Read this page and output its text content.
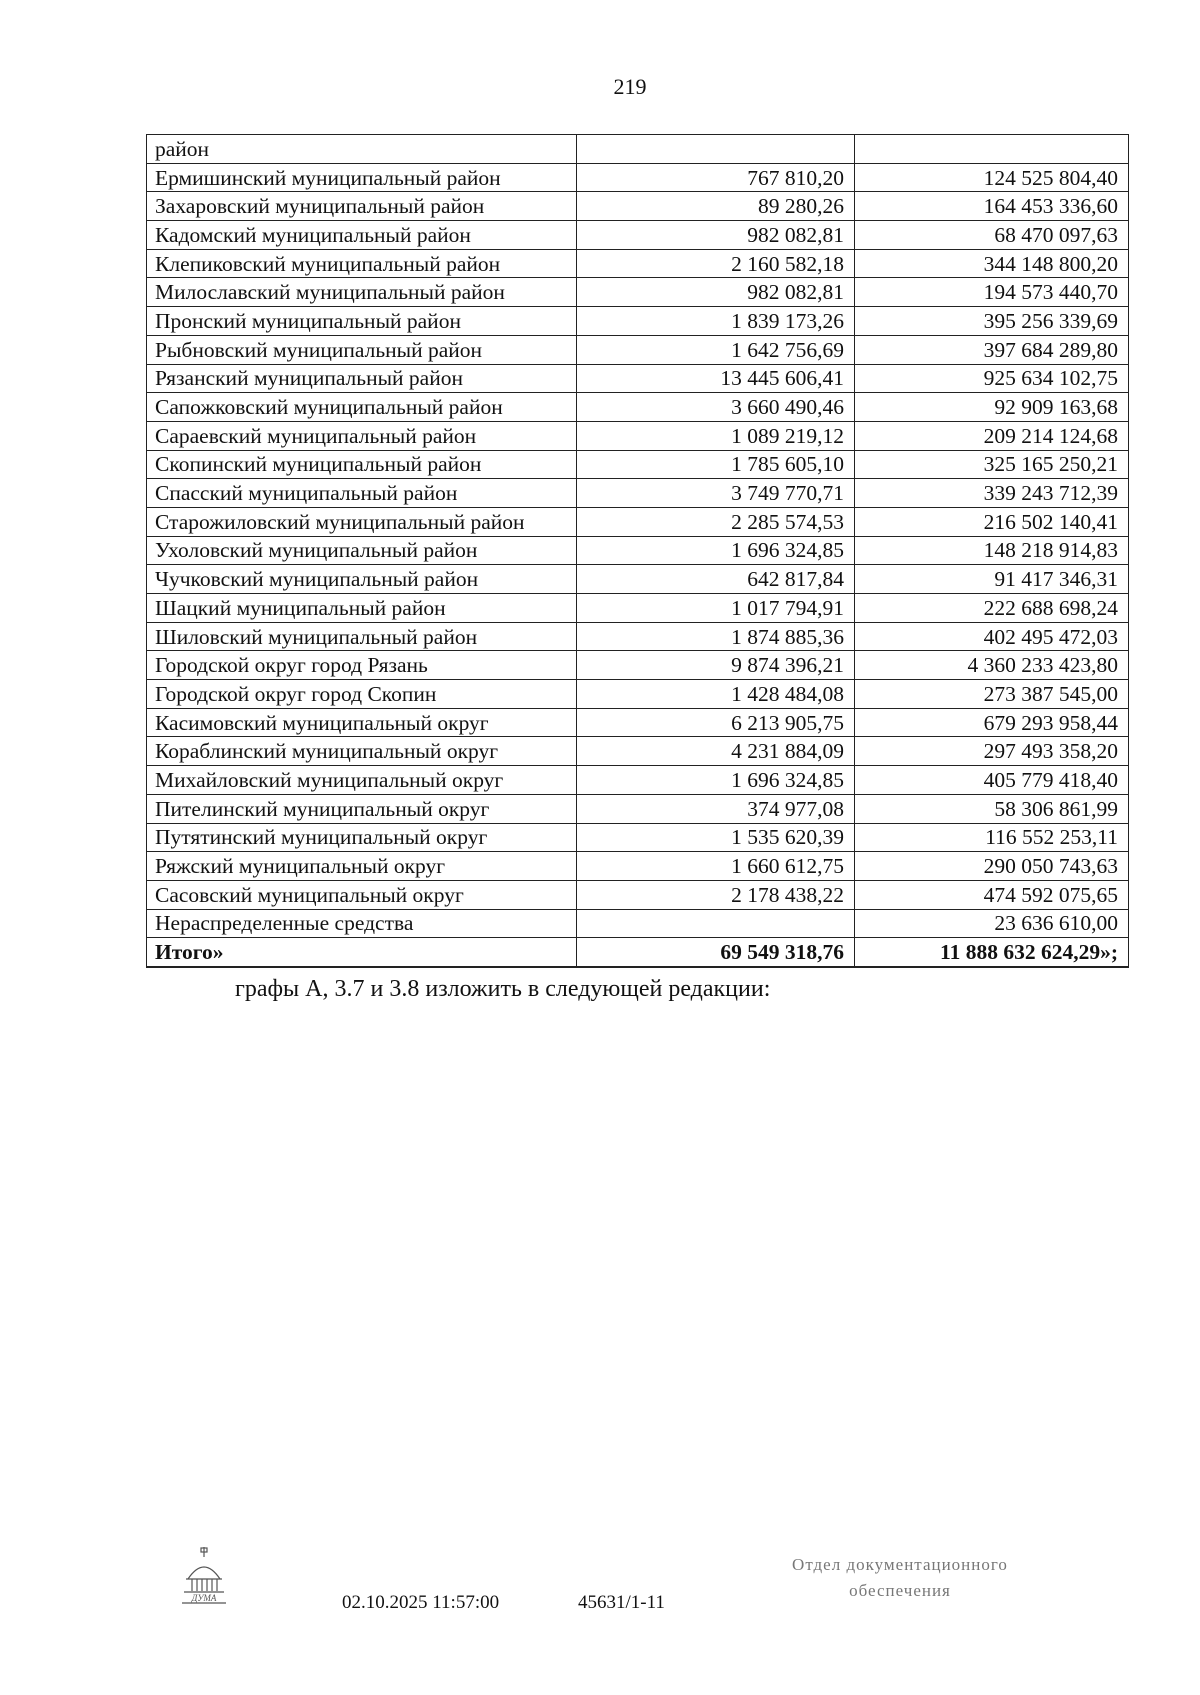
219
район		
Ермишинский муниципальный район	767 810,20	124 525 804,40
Захаровский муниципальный район	89 280,26	164 453 336,60
Кадомский муниципальный район	982 082,81	68 470 097,63
Клепиковский муниципальный район	2 160 582,18	344 148 800,20
Милославский муниципальный район	982 082,81	194 573 440,70
Пронский муниципальный район	1 839 173,26	395 256 339,69
Рыбновский муниципальный район	1 642 756,69	397 684 289,80
Рязанский муниципальный район	13 445 606,41	925 634 102,75
Сапожковский муниципальный район	3 660 490,46	92 909 163,68
Сараевский муниципальный район	1 089 219,12	209 214 124,68
Скопинский муниципальный район	1 785 605,10	325 165 250,21
Спасский муниципальный район	3 749 770,71	339 243 712,39
Старожиловский муниципальный район	2 285 574,53	216 502 140,41
Ухоловский муниципальный район	1 696 324,85	148 218 914,83
Чучковский муниципальный район	642 817,84	91 417 346,31
Шацкий муниципальный район	1 017 794,91	222 688 698,24
Шиловский муниципальный район	1 874 885,36	402 495 472,03
Городской округ город Рязань	9 874 396,21	4 360 233 423,80
Городской округ город Скопин	1 428 484,08	273 387 545,00
Касимовский муниципальный округ	6 213 905,75	679 293 958,44
Кораблинский муниципальный округ	4 231 884,09	297 493 358,20
Михайловский муниципальный округ	1 696 324,85	405 779 418,40
Пителинский муниципальный округ	374 977,08	58 306 861,99
Путятинский муниципальный округ	1 535 620,39	116 552 253,11
Ряжский муниципальный округ	1 660 612,75	290 050 743,63
Сасовский муниципальный округ	2 178 438,22	474 592 075,65
Нераспределенные средства		23 636 610,00
Итого»	69 549 318,76	11 888 632 624,29»;
графы А, 3.7 и 3.8 изложить в следующей редакции:
ДУМА	02.10.2025 11:57:00	45631/1-11
Отдел документационного
обеспечения
